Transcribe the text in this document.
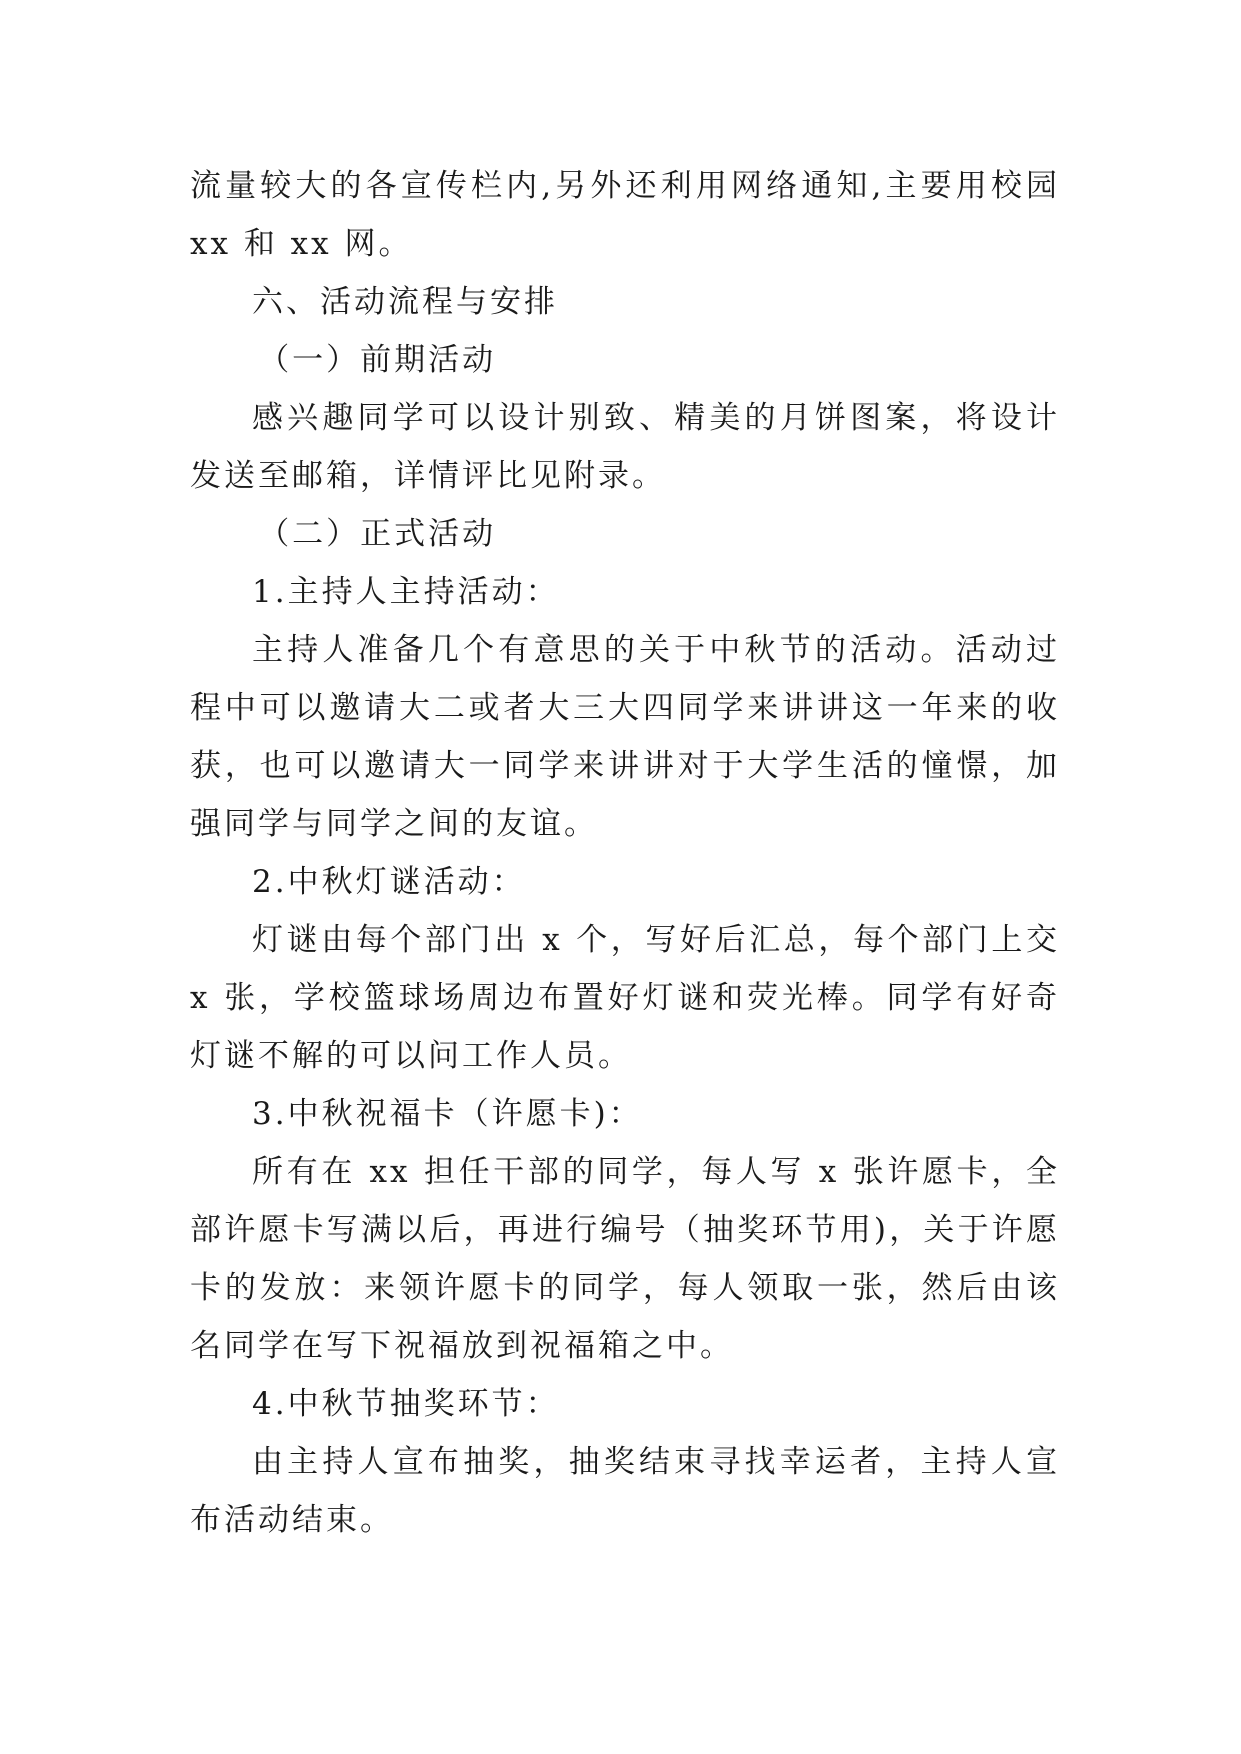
流量较大的各宣传栏内,另外还利用网络通知,主要用校园 xx 和 xx 网。

六、活动流程与安排

（一）前期活动

感兴趣同学可以设计别致、精美的月饼图案，将设计发送至邮箱，详情评比见附录。

（二）正式活动

1.主持人主持活动：

主持人准备几个有意思的关于中秋节的活动。活动过程中可以邀请大二或者大三大四同学来讲讲这一年来的收获，也可以邀请大一同学来讲讲对于大学生活的憧憬，加强同学与同学之间的友谊。

2.中秋灯谜活动：

灯谜由每个部门出 x 个，写好后汇总，每个部门上交 x 张，学校篮球场周边布置好灯谜和荧光棒。同学有好奇灯谜不解的可以问工作人员。

3.中秋祝福卡（许愿卡)：

所有在 xx 担任干部的同学，每人写 x 张许愿卡，全部许愿卡写满以后，再进行编号（抽奖环节用)，关于许愿卡的发放：来领许愿卡的同学，每人领取一张，然后由该名同学在写下祝福放到祝福箱之中。

4.中秋节抽奖环节：

由主持人宣布抽奖，抽奖结束寻找幸运者，主持人宣布活动结束。
